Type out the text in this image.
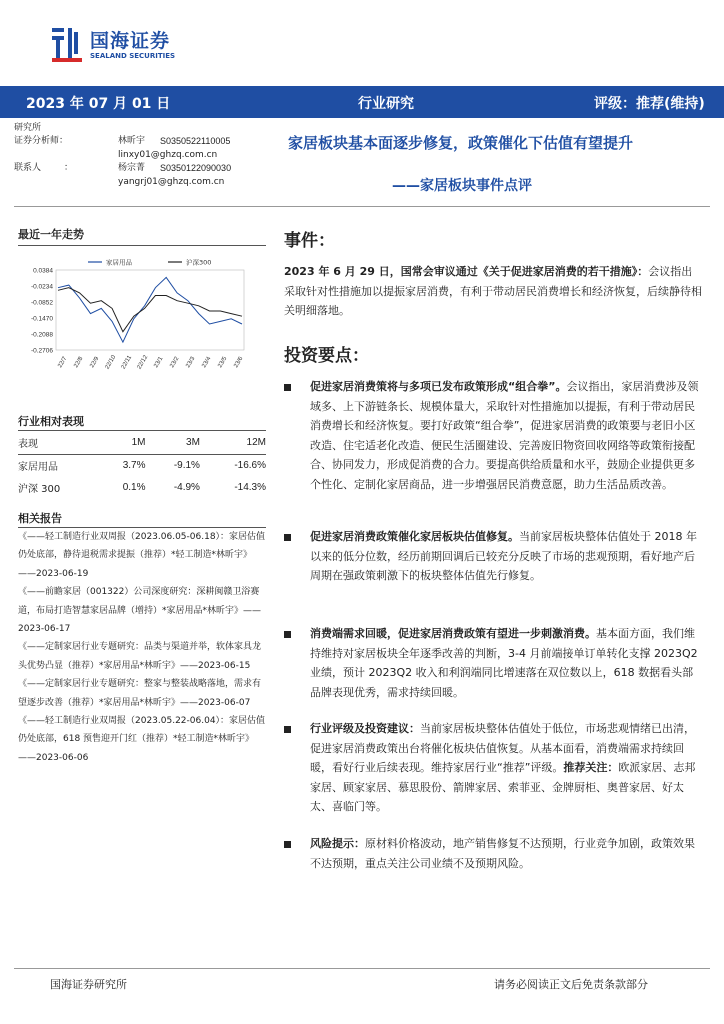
国海证券
SEALAND SECURITIES
2023 年 07 月 01 日	行业研究	评级：推荐(维持)
研究所
证券分析师：	林昕宇 S0350522110005
linxy01@ghzq.com.cn
联系人	：	杨宗菁 S0350122090030
yangrj01@ghzq.com.cn
家居板块基本面逐步修复，政策催化下估值有望提升
——家居板块事件点评
最近一年走势
0.0384
-0.0234
-0.0852
-0.1470
-0.2088
-0.2706
22/7 22/8 22/9 22/10 22/11 22/12 23/1 23/2 23/3 23/4 23/5 23/6
家居用品	沪深300
行业相对表现
表现	1M	3M	12M
家居用品	3.7%	-9.1%	-16.6%
沪深 300	0.1%	-4.9%	-14.3%
相关报告
《——轻工制造行业双周报（2023.06.05-06.18）：家居估值仍处底部，静待退税需求提振（推荐）*轻工制造*林昕宇》——2023-06-19
《——前瞻家居（001322）公司深度研究：深耕闽赣卫浴赛道，布局打造智慧家居品牌（增持）*家居用品*林昕宇》——2023-06-17
《——定制家居行业专题研究：品类与渠道并举，软体家具龙头优势凸显（推荐）*家居用品*林昕宇》——2023-06-15
《——定制家居行业专题研究：整家与整装战略落地，需求有望逐步改善（推荐）*家居用品*林昕宇》——2023-06-07
《——轻工制造行业双周报（2023.05.22-06.04）：家居估值仍处底部，618 预售迎开门红（推荐）*轻工制造*林昕宇》——2023-06-06
事件：
2023 年 6 月 29 日，国常会审议通过《关于促进家居消费的若干措施》：会议指出采取针对性措施加以提振家居消费，有利于带动居民消费增长和经济恢复，后续静待相关明细落地。
投资要点：
促进家居消费策将与多项已发布政策形成“组合拳”。会议指出，家居消费涉及领域多、上下游链条长、规模体量大，采取针对性措施加以提振，有利于带动居民消费增长和经济恢复。要打好政策“组合拳”，促进家居消费的政策要与老旧小区改造、住宅适老化改造、便民生活圈建设、完善废旧物资回收网络等政策衔接配合、协同发力，形成促消费的合力。要提高供给质量和水平，鼓励企业提供更多个性化、定制化家居商品，进一步增强居民消费意愿，助力生活品质改善。
促进家居消费政策催化家居板块估值修复。当前家居板块整体估值处于 2018 年以来的低分位数，经历前期回调后已较充分反映了市场的悲观预期，看好地产后周期在强政策刺激下的板块整体估值先行修复。
消费端需求回暖，促进家居消费政策有望进一步刺激消费。基本面方面，我们维持维持对家居板块全年逐季改善的判断，3-4 月前端接单订单转化支撑 2023Q2 业绩，预计 2023Q2 收入和利润端同比增速落在双位数以上，618 数据看头部品牌表现优秀，需求持续回暖。
行业评级及投资建议：当前家居板块整体估值处于低位，市场悲观情绪已出清，促进家居消费政策出台将催化板块估值恢复。从基本面看，消费端需求持续回暖，看好行业后续表现。维持家居行业“推荐”评级。推荐关注：欧派家居、志邦家居、顾家家居、慕思股份、箭牌家居、索菲亚、金牌厨柜、奥普家居、好太太、喜临门等。
风险提示：原材料价格波动，地产销售修复不达预期，行业竞争加剧，政策效果不达预期，重点关注公司业绩不及预期风险。
国海证券研究所	请务必阅读正文后免责条款部分
